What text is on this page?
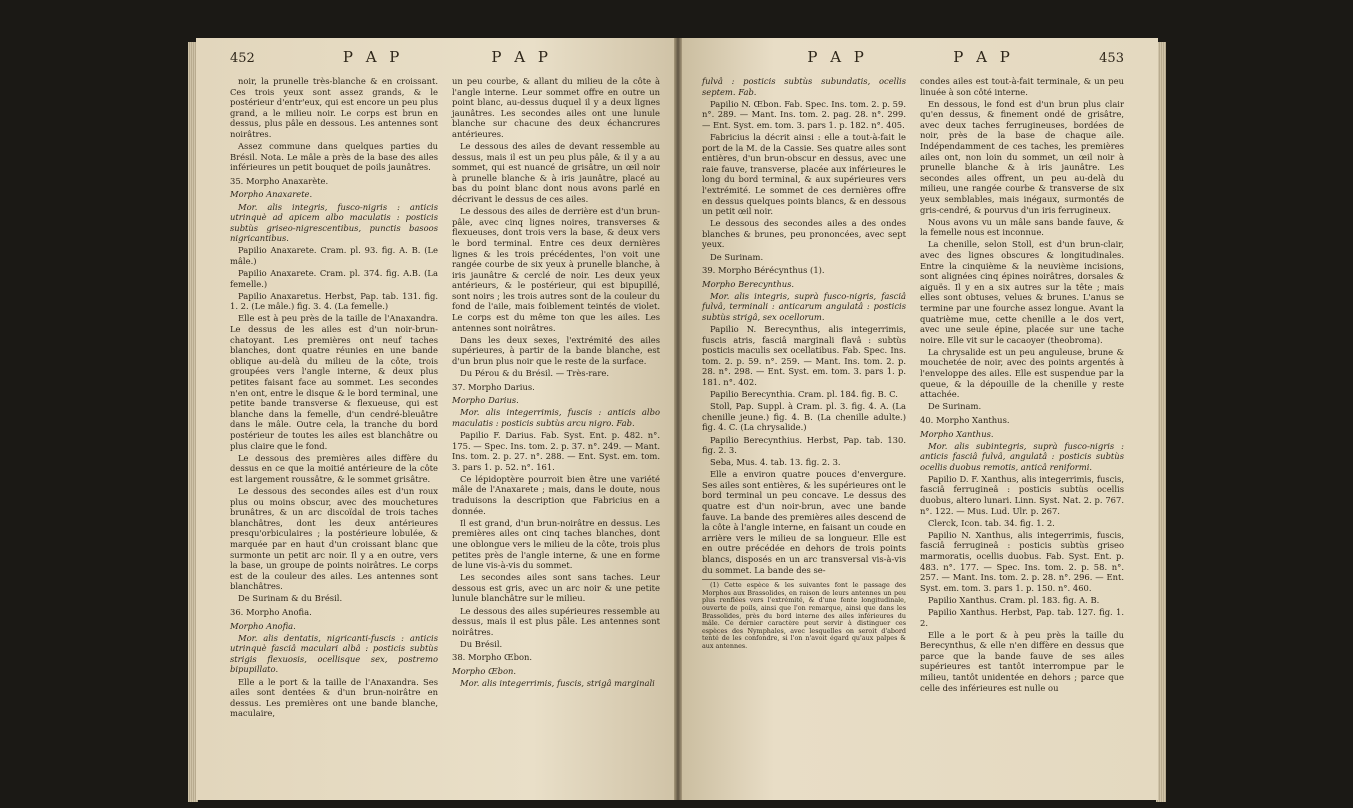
452	P A P	P A P

noir, la prunelle très-blanche & en croissant. Ces trois yeux sont assez grands, & le postérieur d'entr'eux, qui est encore un peu plus grand, a le milieu noir. Le corps est brun en dessus, plus pâle en dessous. Les antennes sont noirâtres.

Assez commune dans quelques parties du Brésil. Nota. Le mâle a près de la base des ailes inférieures un petit bouquet de poils jaunâtres.

35. Morpho Anaxarète.

Morpho Anaxarete.

Mor. alis integris, fusco-nigris : anticis utrinquè ad apicem albo maculatis : posticis subtùs griseo-nigrescentibus, punctis basoos nigricantibus.

Papilio Anaxarete. Cram. pl. 93. fig. A. B. (Le mâle.)

Papilio Anaxarete. Cram. pl. 374. fig. A.B. (La femelle.)

Papilio Anaxaretus. Herbst, Pap. tab. 131. fig. 1. 2. (Le mâle.) fig. 3. 4. (La femelle.)

Elle est à peu près de la taille de l'Anaxandra. Le dessus de les ailes est d'un noir-brun-chatoyant. Les premières ont neuf taches blanches, dont quatre réunies en une bande oblique au-delà du milieu de la côte, trois groupées vers l'angle interne, & deux plus petites faisant face au sommet. Les secondes n'en ont, entre le disque & le bord terminal, une petite bande transverse & flexueuse, qui est blanche dans la femelle, d'un cendré-bleuâtre dans le mâle. Outre cela, la tranche du bord postérieur de toutes les ailes est blanchâtre ou plus claire que le fond.

Le dessous des premières ailes diffère du dessus en ce que la moitié antérieure de la côte est largement roussâtre, & le sommet grisâtre.

Le dessous des secondes ailes est d'un roux plus ou moins obscur, avec des mouchetures brunâtres, & un arc discoïdal de trois taches blanchâtres, dont les deux antérieures presqu'orbiculaires ; la postérieure lobulée, & marquée par en haut d'un croissant blanc que surmonte un petit arc noir. Il y a en outre, vers la base, un groupe de points noirâtres. Le corps est de la couleur des ailes. Les antennes sont blanchâtres.

De Surinam & du Brésil.

36. Morpho Anofia.

Morpho Anofia.

Mor. alis dentatis, nigricanti-fuscis : anticis utrinquè fasciâ maculari albâ : posticis subtùs strigis flexuosis, ocellisque sex, postremo bipupillato.

Elle a le port & la taille de l'Anaxandra. Ses ailes sont dentées & d'un brun-noirâtre en dessus. Les premières ont une bande blanche, maculaire,

un peu courbe, & allant du milieu de la côte à l'angle interne. Leur sommet offre en outre un point blanc, au-dessus duquel il y a deux lignes jaunâtres. Les secondes ailes ont une lunule blanche sur chacune des deux échancrures antérieures.

Le dessous des ailes de devant ressemble au dessus, mais il est un peu plus pâle, & il y a au sommet, qui est nuancé de grisâtre, un œil noir à prunelle blanche & à iris jaunâtre, placé au bas du point blanc dont nous avons parlé en décrivant le dessus de ces ailes.

Le dessous des ailes de derrière est d'un brun-pâle, avec cinq lignes noires, transverses & flexueuses, dont trois vers la base, & deux vers le bord terminal. Entre ces deux dernières lignes & les trois précédentes, l'on voit une rangée courbe de six yeux à prunelle blanche, à iris jaunâtre & cerclé de noir. Les deux yeux antérieurs, & le postérieur, qui est bipupillé, sont noirs ; les trois autres sont de la couleur du fond de l'aile, mais foiblement teintés de violet. Le corps est du même ton que les ailes. Les antennes sont noirâtres.

Dans les deux sexes, l'extrémité des ailes supérieures, à partir de la bande blanche, est d'un brun plus noir que le reste de la surface.

Du Pérou & du Brésil. — Très-rare.

37. Morpho Darius.

Morpho Darius.

Mor. alis integerrimis, fuscis : anticis albo maculatis : posticis subtùs arcu nigro. Fab.

Papilio F. Darius. Fab. Syst. Ent. p. 482. n°. 175. — Spec. Ins. tom. 2. p. 37. n°. 249. — Mant. Ins. tom. 2. p. 27. n°. 288. — Ent. Syst. em. tom. 3. pars 1. p. 52. n°. 161.

Ce lépidoptère pourroit bien être une variété mâle de l'Anaxarete ; mais, dans le doute, nous traduisons la description que Fabricius en a donnée.

Il est grand, d'un brun-noirâtre en dessus. Les premières ailes ont cinq taches blanches, dont une oblongue vers le milieu de la côte, trois plus petites près de l'angle interne, & une en forme de lune vis-à-vis du sommet.

Les secondes ailes sont sans taches. Leur dessous est gris, avec un arc noir & une petite lunule blanchâtre sur le milieu.

Le dessous des ailes supérieures ressemble au dessus, mais il est plus pâle. Les antennes sont noirâtres.

Du Brésil.

38. Morpho Œbon.

Morpho Œbon.

Mor. alis integerrimis, fuscis, strigâ marginali

P A P	P A P	453

fulvâ : posticis subtùs subundatis, ocellis septem. Fab.

Papilio N. Œbon. Fab. Spec. Ins. tom. 2. p. 59. n°. 289. — Mant. Ins. tom. 2. pag. 28. n°. 299. — Ent. Syst. em. tom. 3. pars 1. p. 182. n°. 405.

Fabricius la décrit ainsi : elle a tout-à-fait le port de la M. de la Cassie. Ses quatre ailes sont entières, d'un brun-obscur en dessus, avec une raie fauve, transverse, placée aux inférieures le long du bord terminal, & aux supérieures vers l'extrémité. Le sommet de ces dernières offre en dessus quelques points blancs, & en dessous un petit œil noir.

Le dessous des secondes ailes a des ondes blanches & brunes, peu prononcées, avec sept yeux.

De Surinam.

39. Morpho Bérécynthus (1).

Morpho Berecynthus.

Mor. alis integris, suprà fusco-nigris, fasciâ fulvâ, terminali : anticarum angulatâ : posticis subtùs strigâ, sex ocellorum.

Papilio N. Berecynthus, alis integerrimis, fuscis atris, fasciâ marginali flavâ : subtùs posticis maculis sex ocellatibus. Fab. Spec. Ins. tom. 2. p. 59. n°. 259. — Mant. Ins. tom. 2. p. 28. n°. 298. — Ent. Syst. em. tom. 3. pars 1. p. 181. n°. 402.

Papilio Berecynthia. Cram. pl. 184. fig. B. C.

Stoll, Pap. Suppl. à Cram. pl. 3. fig. 4. A. (La chenille jeune.) fig. 4. B. (La chenille adulte.) fig. 4. C. (La chrysalide.)

Papilio Berecynthius. Herbst, Pap. tab. 130. fig. 2. 3.

Seba, Mus. 4. tab. 13. fig. 2. 3.

Elle a environ quatre pouces d'envergure. Ses ailes sont entières, & les supérieures ont le bord terminal un peu concave. Le dessus des quatre est d'un noir-brun, avec une bande fauve. La bande des premières ailes descend de la côte à l'angle interne, en faisant un coude en arrière vers le milieu de sa longueur. Elle est en outre précédée en dehors de trois points blancs, disposés en un arc transversal vis-à-vis du sommet. La bande des se-

(1) Cette espèce & les suivantes font le passage des Morphos aux Brassolides, en raison de leurs antennes un peu plus renflées vers l'extrémité, & d'une fente longitudinale, ouverte de poils, ainsi que l'on remarque, ainsi que dans les Brassolides, près du bord interne des ailes inférieures du mâle. Ce dernier caractère peut servir à distinguer ces espèces des Nymphales, avec lesquelles on seroit d'abord tenté de les confondre, si l'on n'avoit égard qu'aux palpes & aux antennes.

condes ailes est tout-à-fait terminale, & un peu linuée à son côté interne.

En dessous, le fond est d'un brun plus clair qu'en dessus, & finement ondé de grisâtre, avec deux taches ferrugineuses, bordées de noir, près de la base de chaque aile. Indépendamment de ces taches, les premières ailes ont, non loin du sommet, un œil noir à prunelle blanche & à iris jaunâtre. Les secondes ailes offrent, un peu au-delà du milieu, une rangée courbe & transverse de six yeux semblables, mais inégaux, surmontés de gris-cendré, & pourvus d'un iris ferrugineux.

Nous avons vu un mâle sans bande fauve, & la femelle nous est inconnue.

La chenille, selon Stoll, est d'un brun-clair, avec des lignes obscures & longitudinales. Entre la cinquième & la neuvième incisions, sont alignées cinq épines noirâtres, dorsales & aiguës. Il y en a six autres sur la tête ; mais elles sont obtuses, velues & brunes. L'anus se termine par une fourche assez longue. Avant la quatrième mue, cette chenille a le dos vert, avec une seule épine, placée sur une tache noire. Elle vit sur le cacaoyer (theobroma).

La chrysalide est un peu anguleuse, brune & mouchetée de noir, avec des points argentés à l'enveloppe des ailes. Elle est suspendue par la queue, & la dépouille de la chenille y reste attachée.

De Surinam.

40. Morpho Xanthus.

Morpho Xanthus.

Mor. alis subintegris, suprà fusco-nigris : anticis fasciâ fulvâ, angulatâ : posticis subtùs ocellis duobus remotis, anticâ reniformi.

Papilio D. F. Xanthus, alis integerrimis, fuscis, fasciâ ferrugineâ : posticis subtùs ocellis duobus, altero lunari. Linn. Syst. Nat. 2. p. 767. n°. 122. — Mus. Lud. Ulr. p. 267.

Clerck, Icon. tab. 34. fig. 1. 2.

Papilio N. Xanthus, alis integerrimis, fuscis, fasciâ ferrugineâ : posticis subtùs griseo marmoratis, ocellis duobus. Fab. Syst. Ent. p. 483. n°. 177. — Spec. Ins. tom. 2. p. 58. n°. 257. — Mant. Ins. tom. 2. p. 28. n°. 296. — Ent. Syst. em. tom. 3. pars 1. p. 150. n°. 460.

Papilio Xanthus. Cram. pl. 183. fig. A. B.

Papilio Xanthus. Herbst, Pap. tab. 127. fig. 1. 2.

Elle a le port & à peu près la taille du Berecynthus, & elle n'en diffère en dessus que parce que la bande fauve de ses ailes supérieures est tantôt interrompue par le milieu, tantôt unidentée en dehors ; parce que celle des inférieures est nulle ou
